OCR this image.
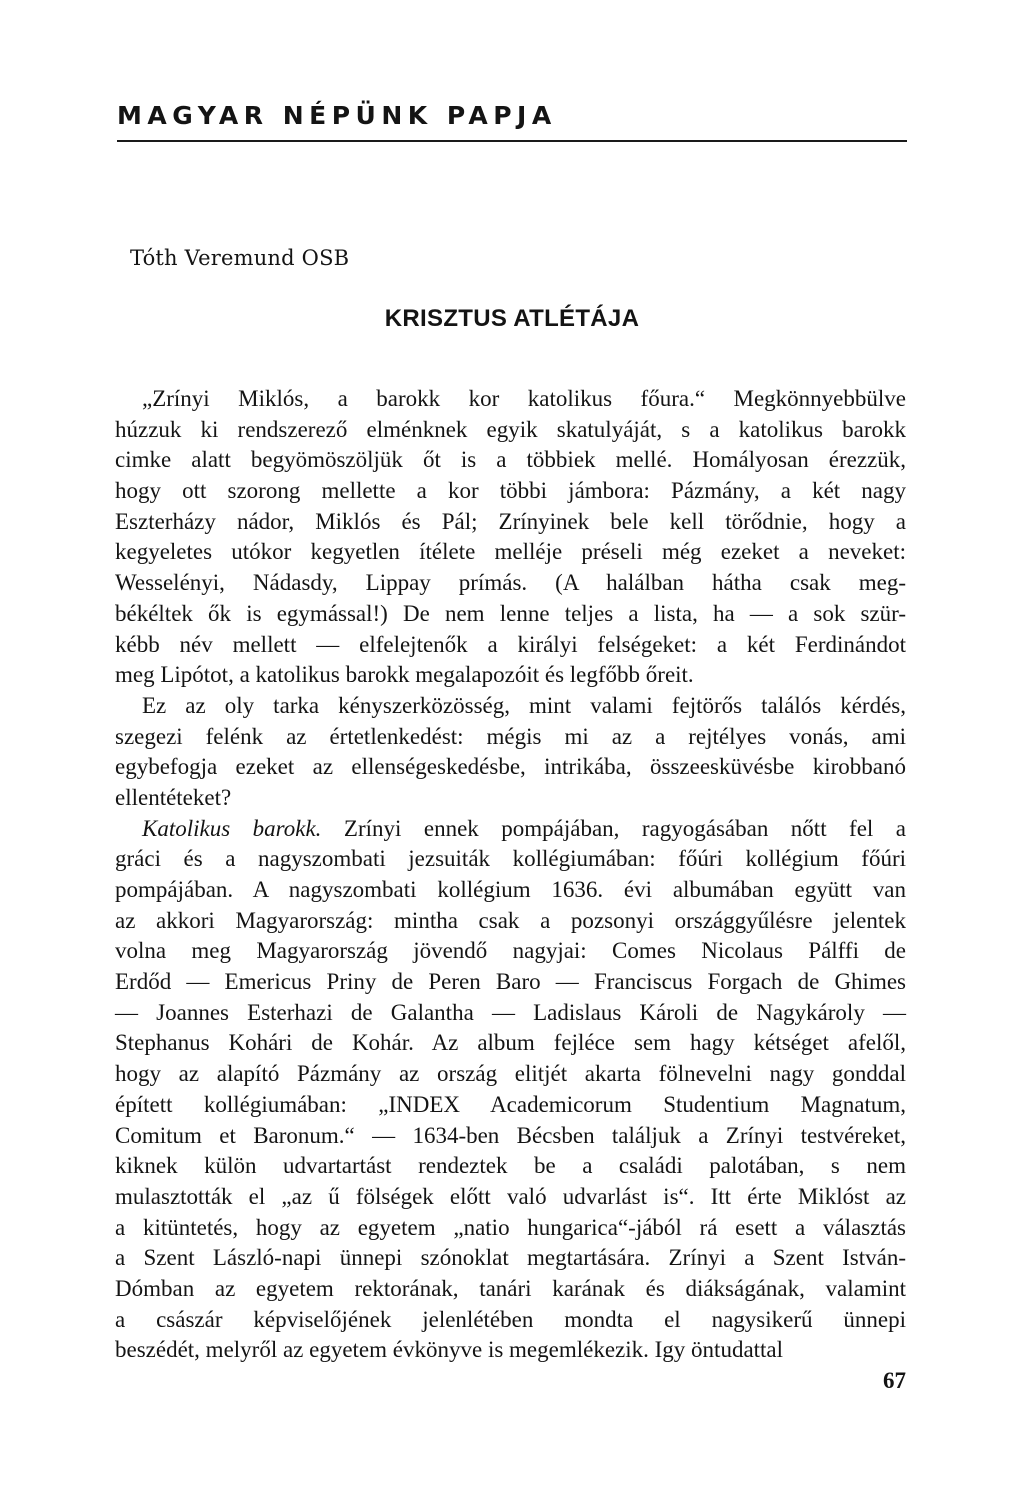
MAGYAR NÉPÜNK PAPJA
Tóth Veremund OSB
KRISZTUS ATLÉTÁJA
„Zrínyi Miklós, a barokk kor katolikus főura.“ Megkönnyebbülve
húzzuk ki rendszerező elménknek egyik skatulyáját, s a katolikus barokk
cimke alatt begyömöszöljük őt is a többiek mellé. Homályosan érezzük,
hogy ott szorong mellette a kor többi jámbora: Pázmány, a két nagy
Eszterházy nádor, Miklós és Pál; Zrínyinek bele kell törődnie, hogy a
kegyeletes utókor kegyetlen ítélete melléje préseli még ezeket a neveket:
Wesselényi, Nádasdy, Lippay prímás. (A halálban hátha csak meg-
békéltek ők is egymással!) De nem lenne teljes a lista, ha — a sok szür-
kébb név mellett — elfelejtenők a királyi felségeket: a két Ferdinándot
meg Lipótot, a katolikus barokk megalapozóit és legfőbb őreit.
Ez az oly tarka kényszerközösség, mint valami fejtörős találós kérdés,
szegezi felénk az értetlenkedést: mégis mi az a rejtélyes vonás, ami
egybefogja ezeket az ellenségeskedésbe, intrikába, összeesküvésbe kirobbanó
ellentéteket?
Katolikus barokk. Zrínyi ennek pompájában, ragyogásában nőtt fel a
gráci és a nagyszombati jezsuiták kollégiumában: főúri kollégium főúri
pompájában. A nagyszombati kollégium 1636. évi albumában együtt van
az akkori Magyarország: mintha csak a pozsonyi országgyűlésre jelentek
volna meg Magyarország jövendő nagyjai: Comes Nicolaus Pálffi de
Erdőd — Emericus Priny de Peren Baro — Franciscus Forgach de Ghimes
— Joannes Esterhazi de Galantha — Ladislaus Károli de Nagykároly —
Stephanus Kohári de Kohár. Az album fejléce sem hagy kétséget afelől,
hogy az alapító Pázmány az ország elitjét akarta fölnevelni nagy gonddal
épített kollégiumában: „INDEX Academicorum Studentium Magnatum,
Comitum et Baronum.“ — 1634-ben Bécsben találjuk a Zrínyi testvéreket,
kiknek külön udvartartást rendeztek be a családi palotában, s nem
mulasztották el „az ű fölségek előtt való udvarlást is“. Itt érte Miklóst az
a kitüntetés, hogy az egyetem „natio hungarica“-jából rá esett a választás
a Szent László-napi ünnepi szónoklat megtartására. Zrínyi a Szent István-
Dómban az egyetem rektorának, tanári karának és diákságának, valamint
a császár képviselőjének jelenlétében mondta el nagysikerű ünnepi
beszédét, melyről az egyetem évkönyve is megemlékezik. Igy öntudattal
67
